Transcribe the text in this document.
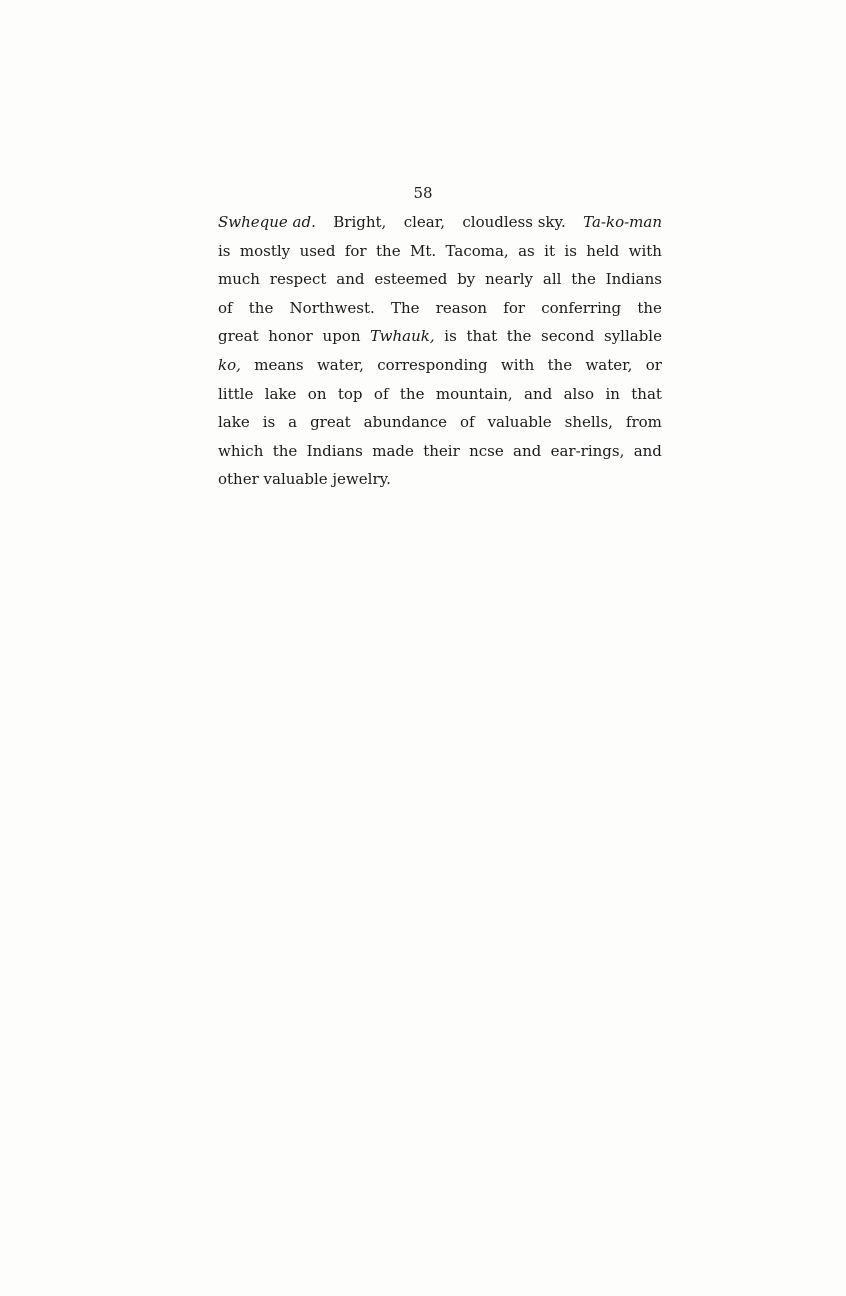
58
Swheque ad. Bright, clear, cloudless sky. Ta-ko-man
is mostly used for the Mt. Tacoma, as it is held with
much respect and esteemed by nearly all the Indians
of the Northwest. The reason for conferring the
great honor upon Twhauk, is that the second syllable
ko, means water, corresponding with the water, or
little lake on top of the mountain, and also in that
lake is a great abundance of valuable shells, from
which the Indians made their ncse and ear-rings, and
other valuable jewelry.
